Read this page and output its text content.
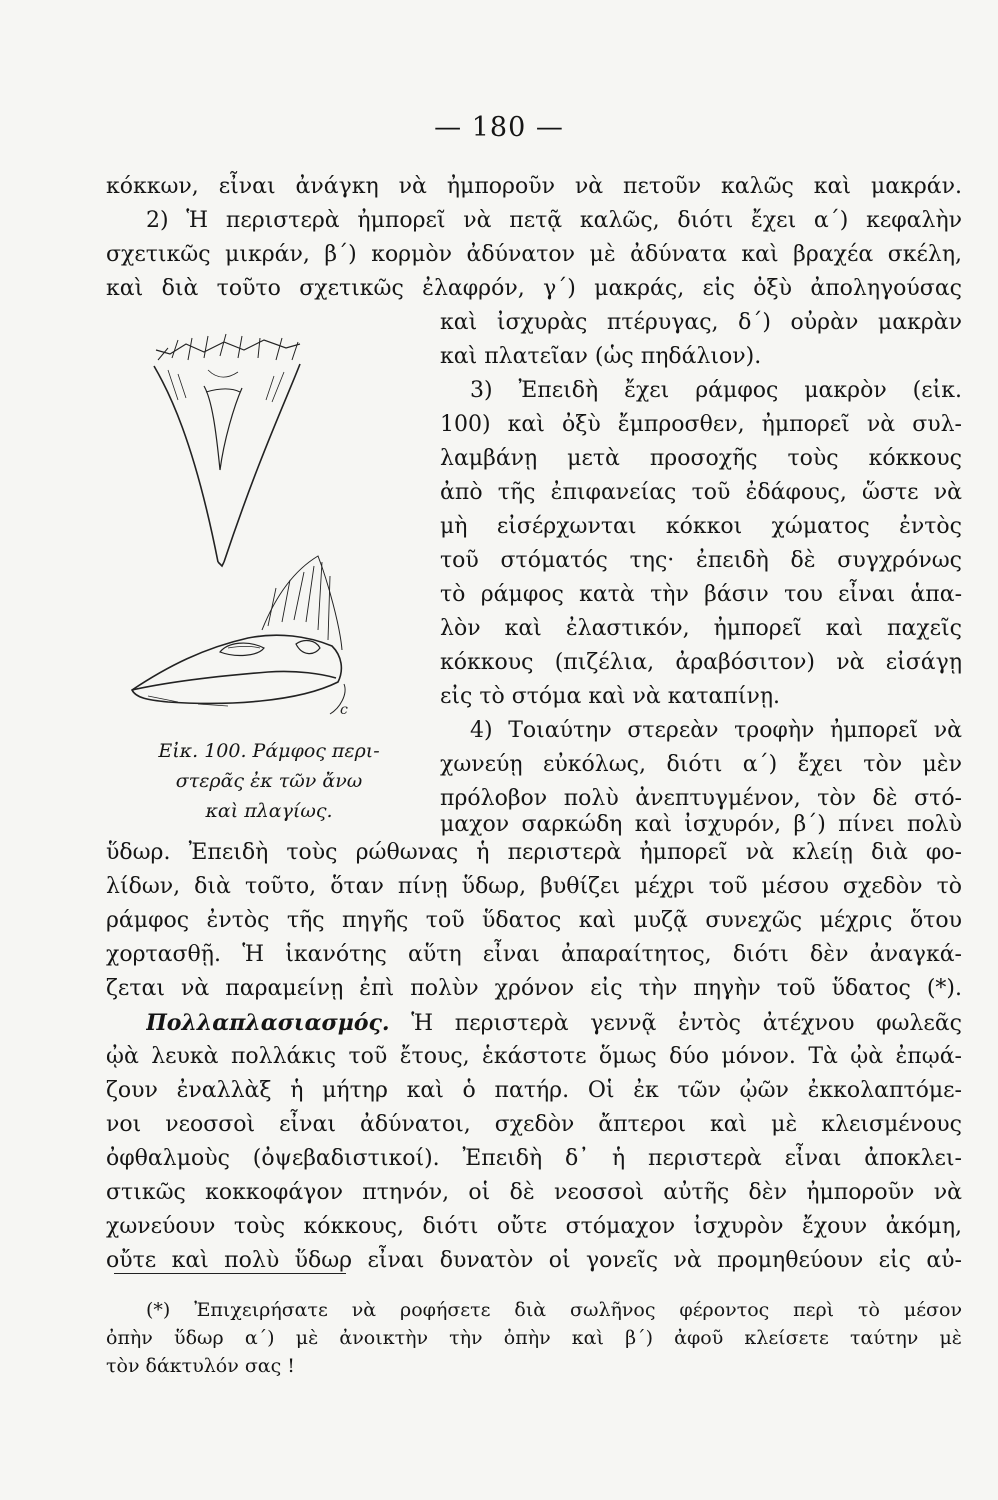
— 180 —
κόκκων, εἶναι ἀνάγκη νὰ ἠμποροῦν νὰ πετοῦν καλῶς καὶ μακράν.
2) Ἡ περιστερὰ ἠμπορεῖ νὰ πετᾷ καλῶς, διότι ἔχει α´) κεφαλὴν
σχετικῶς μικράν, β´) κορμὸν ἀδύνατον μὲ ἀδύνατα καὶ βραχέα σκέλη,
καὶ διὰ τοῦτο σχετικῶς ἐλαφρόν, γ´) μακράς, εἰς ὀξὺ ἀποληγούσας
καὶ ἰσχυρὰς πτέρυγας, δ´) οὐρὰν μακρὰν
καὶ πλατεῖαν (ὡς πηδάλιον).
3) Ἐπειδὴ ἔχει ράμφος μακρὸν (εἰκ.
100) καὶ ὀξὺ ἔμπροσθεν, ἠμπορεῖ νὰ συλ-
λαμβάνῃ μετὰ προσοχῆς τοὺς κόκκους
ἀπὸ τῆς ἐπιφανείας τοῦ ἐδάφους, ὥστε νὰ
μὴ εἰσέρχωνται κόκκοι χώματος ἐντὸς
τοῦ στόματός της· ἐπειδὴ δὲ συγχρόνως
τὸ ράμφος κατὰ τὴν βάσιν του εἶναι ἁπα-
λὸν καὶ ἐλαστικόν, ἠμπορεῖ καὶ παχεῖς
κόκκους (πιζέλια, ἀραβόσιτον) νὰ εἰσάγῃ
εἰς τὸ στόμα καὶ νὰ καταπίνῃ.
4) Τοιαύτην στερεὰν τροφὴν ἠμπορεῖ νὰ
χωνεύῃ εὐκόλως, διότι α´) ἔχει τὸν μὲν
πρόλοβον πολὺ ἀνεπτυγμένον, τὸν δὲ στό-
μαχον σαρκώδη καὶ ἰσχυρόν, β´) πίνει πολὺ
c
Εἰκ. 100. Ράμφος περι-
στερᾶς ἐκ τῶν ἄνω
καὶ πλαγίως.
ὕδωρ. Ἐπειδὴ τοὺς ρώθωνας ἡ περιστερὰ ἠμπορεῖ νὰ κλείῃ διὰ φο-
λίδων, διὰ τοῦτο, ὅταν πίνῃ ὕδωρ, βυθίζει μέχρι τοῦ μέσου σχεδὸν τὸ
ράμφος ἐντὸς τῆς πηγῆς τοῦ ὕδατος καὶ μυζᾷ συνεχῶς μέχρις ὅτου
χορτασθῇ. Ἡ ἱκανότης αὕτη εἶναι ἀπαραίτητος, διότι δὲν ἀναγκά-
ζεται νὰ παραμείνῃ ἐπὶ πολὺν χρόνον εἰς τὴν πηγὴν τοῦ ὕδατος (*).
Πολλαπλασιασμός. Ἡ περιστερὰ γεννᾷ ἐντὸς ἀτέχνου φωλεᾶς
ᾠὰ λευκὰ πολλάκις τοῦ ἔτους, ἑκάστοτε ὅμως δύο μόνον. Τὰ ᾠὰ ἐπῳά-
ζουν ἐναλλὰξ ἡ μήτηρ καὶ ὁ πατήρ. Οἱ ἐκ τῶν ᾠῶν ἐκκολαπτόμε-
νοι νεοσσοὶ εἶναι ἀδύνατοι, σχεδὸν ἄπτεροι καὶ μὲ κλεισμένους
ὀφθαλμοὺς (ὀψεβαδιστικοί). Ἐπειδὴ δ᾽ ἡ περιστερὰ εἶναι ἀποκλει-
στικῶς κοκκοφάγον πτηνόν, οἱ δὲ νεοσσοὶ αὐτῆς δὲν ἠμποροῦν νὰ
χωνεύουν τοὺς κόκκους, διότι οὔτε στόμαχον ἰσχυρὸν ἔχουν ἀκόμη,
οὔτε καὶ πολὺ ὕδωρ εἶναι δυνατὸν οἱ γονεῖς νὰ προμηθεύουν εἰς αὐ-
(*) Ἐπιχειρήσατε νὰ ροφήσετε διὰ σωλῆνος φέροντος περὶ τὸ μέσον
ὀπὴν ὕδωρ α´) μὲ ἀνοικτὴν τὴν ὀπὴν καὶ β´) ἀφοῦ κλείσετε ταύτην μὲ
τὸν δάκτυλόν σας !
